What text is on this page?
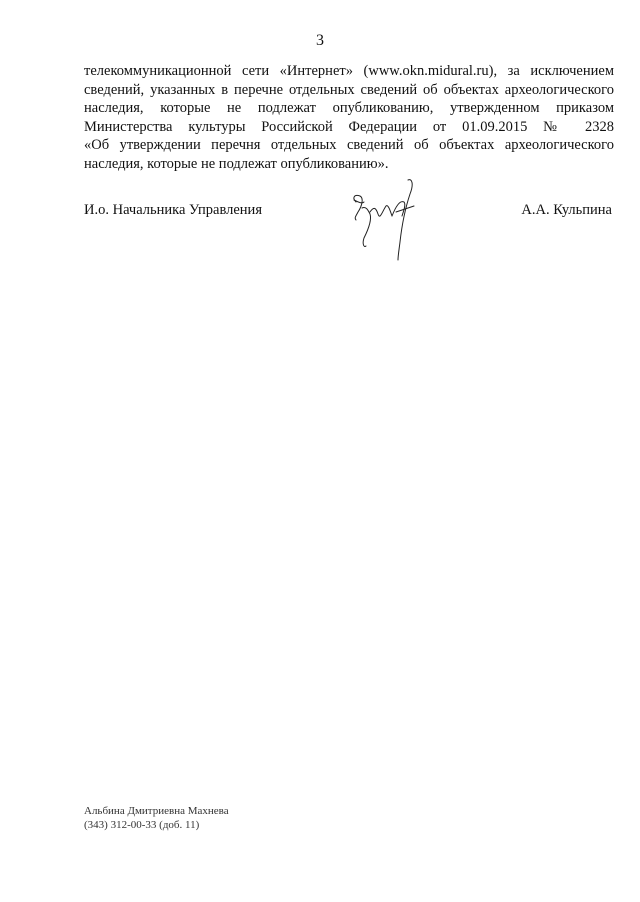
3
телекоммуникационной сети «Интернет» (www.okn.midural.ru), за исключением
сведений, указанных в перечне отдельных сведений об объектах археологического
наследия, которые не подлежат опубликованию, утвержденном приказом
Министерства культуры Российской Федерации от 01.09.2015 № 2328
«Об утверждении перечня отдельных сведений об объектах археологического
наследия, которые не подлежат опубликованию».
И.о. Начальника Управления	А.А. Кульпина
Альбина Дмитриевна Махнева
(343) 312-00-33 (доб. 11)
